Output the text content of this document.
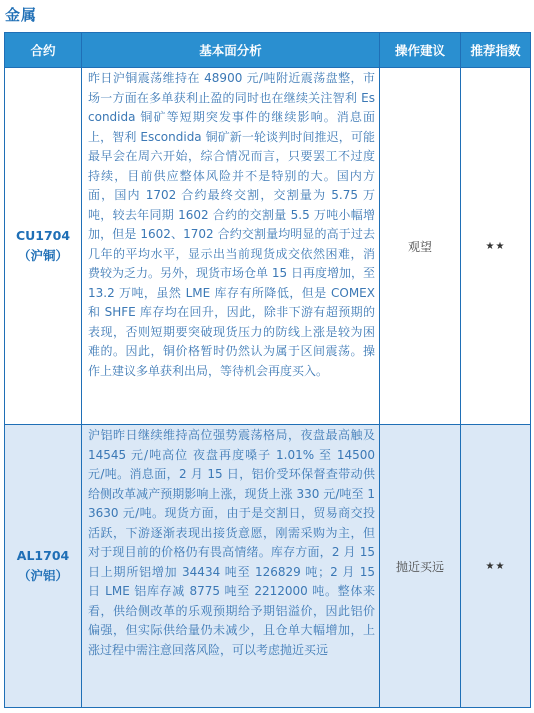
金属
合约	基本面分析	操作建议	推荐指数

CU1704
（沪铜）	昨日沪铜震荡维持在 48900 元/吨附近震荡盘整，市场一方面在多单获利止盈的同时也在继续关注智利 Escondida 铜矿等短期突发事件的继续影响。消息面上，智利 Escondida 铜矿新一轮谈判时间推迟，可能最早会在周六开始，综合情况而言，只要罢工不过度持续，目前供应整体风险并不是特别的大。国内方面，国内 1702 合约最终交割，交割量为 5.75 万吨，较去年同期 1602 合约的交割量 5.5 万吨小幅增加，但是 1602、1702 合约交割量均明显的高于过去几年的平均水平，显示出当前现货成交依然困难，消费较为乏力。另外，现货市场仓单 15 日再度增加，至 13.2 万吨，虽然 LME 库存有所降低，但是 COMEX 和 SHFE 库存均在回升，因此，除非下游有超预期的表现，否则短期要突破现货压力的防线上涨是较为困难的。因此，铜价格暂时仍然认为属于区间震荡。操作上建议多单获利出局，等待机会再度买入。	观望	★★

AL1704
（沪铝）	沪铝昨日继续维持高位强势震荡格局，夜盘最高触及 14545 元/吨高位 夜盘再度嗓子 1.01% 至 14500 元/吨。消息面，2 月 15 日，铝价受环保督查带动供给侧改革减产预期影响上涨，现货上涨 330 元/吨至 13630 元/吨。现货方面，由于是交割日，贸易商交投活跃，下游逐渐表现出接货意愿，刚需采购为主，但对于现目前的价格仍有畏高情绪。库存方面，2 月 15 日上期所铝增加 34434 吨至 126829 吨；2 月 15 日 LME 铝库存减 8775 吨至 2212000 吨。整体来看，供给侧改革的乐观预期给予期铝溢价，因此铝价偏强，但实际供给量仍未减少，且仓单大幅增加，上涨过程中需注意回落风险，可以考虑抛近买远	抛近买远	★★
